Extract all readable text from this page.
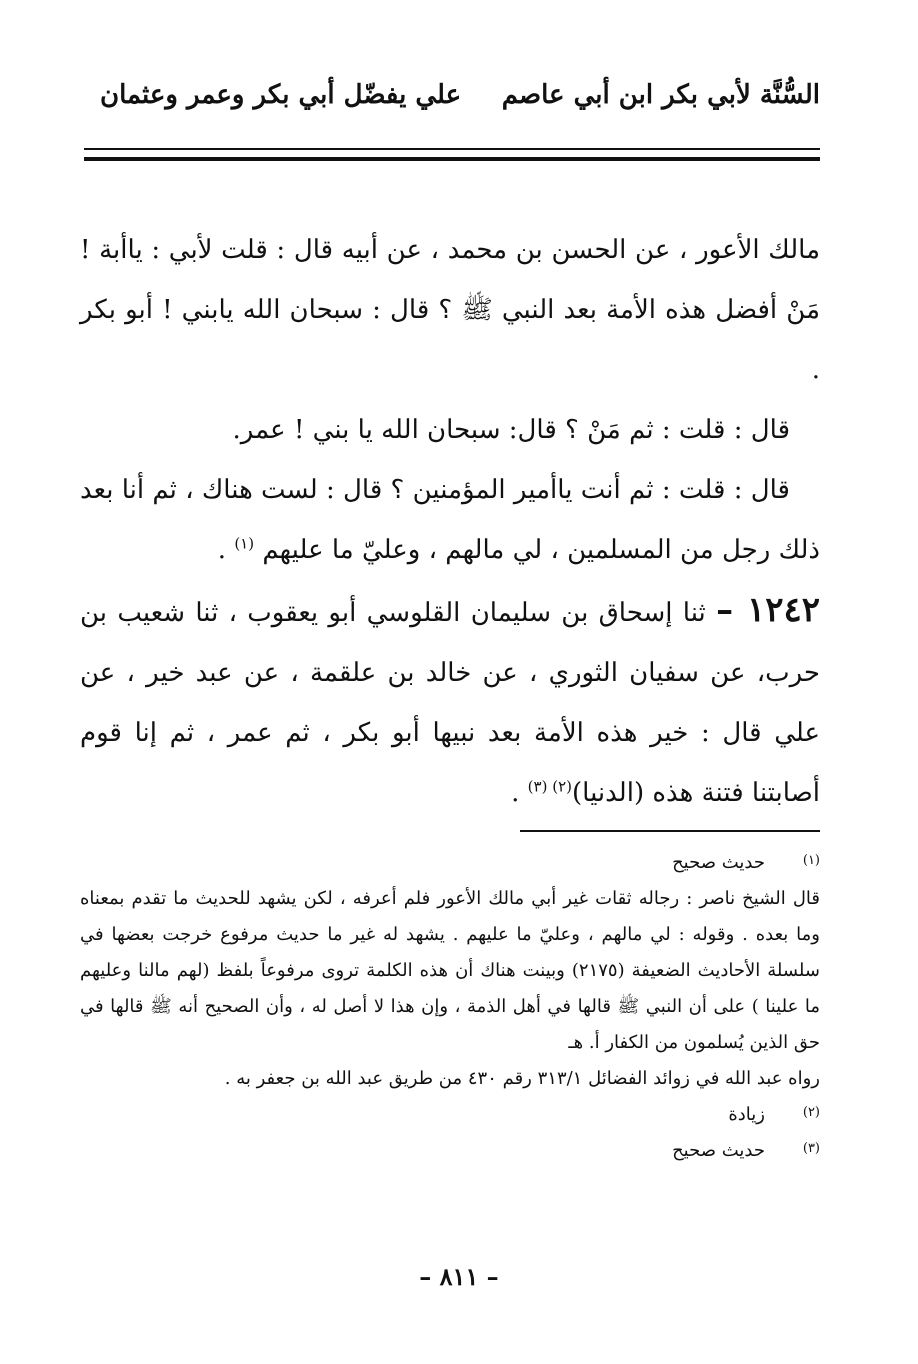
السُّنَّة لأبي بكر ابن أبي عاصم
علي يفضّل أبي بكر وعمر وعثمان

مالك الأعور ، عن الحسن بن محمد ، عن أبيه قال : قلت لأبي : ياأبة ! مَنْ أفضل هذه الأمة بعد النبي ﷺ ؟ قال : سبحان الله يابني ! أبو بكر .

قال : قلت : ثم مَنْ ؟ قال: سبحان الله يا بني ! عمر.

قال : قلت : ثم أنت ياأمير المؤمنين ؟ قال : لست هناك ، ثم أنا بعد ذلك رجل من المسلمين ، لي مالهم ، وعليّ ما عليهم $^{(١)}$ .

١٢٤٢ – ثنا إسحاق بن سليمان القلوسي أبو يعقوب ، ثنا شعيب بن حرب، عن سفيان الثوري ، عن خالد بن علقمة ، عن عبد خير ، عن علي قال : خير هذه الأمة بعد نبيها أبو بكر ، ثم عمر ، ثم إنا قوم أصابتنا فتنة هذه (الدنيا)$^{(٢) (٣)}$ .

(١)
حديث صحيح

قال الشيخ ناصر : رجاله ثقات غير أبي مالك الأعور فلم أعرفه ، لكن يشهد للحديث ما تقدم بمعناه وما بعده . وقوله : لي مالهم ، وعليّ ما عليهم . يشهد له غير ما حديث مرفوع خرجت بعضها في سلسلة الأحاديث الضعيفة (٢١٧٥) وبينت هناك أن هذه الكلمة تروى مرفوعاً بلفظ (لهم مالنا وعليهم ما علينا ) على أن النبي ﷺ قالها في أهل الذمة ، وإن هذا لا أصل له ، وأن الصحيح أنه ﷺ قالها في حق الذين يُسلمون من الكفار أ. هـ

رواه عبد الله في زوائد الفضائل ٣١٣/١ رقم ٤٣٠ من طريق عبد الله بن جعفر به .

(٢)
زيادة
(٣)
حديث صحيح
– ٨١١ –
